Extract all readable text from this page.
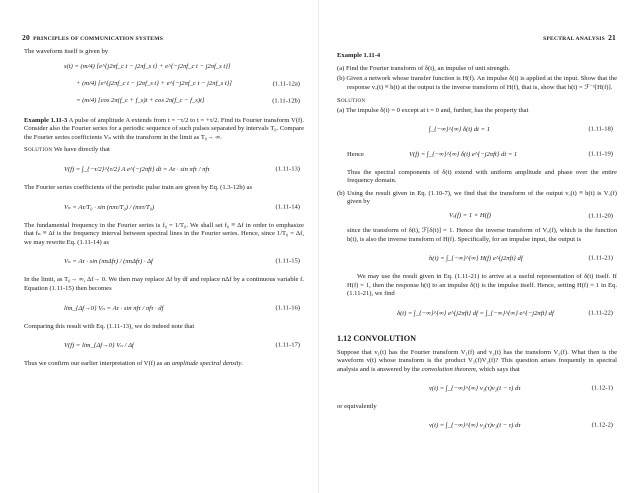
20 PRINCIPLES OF COMMUNICATION SYSTEMS

The waveform itself is given by

s(t) = (m/4) [e^{j2πf_c t − j2πf_s t} + e^{−j2πf_c t − j2πf_s t}]
+ (m/4) [e^{j2πf_c t − j2πf_s t} + e^{−j2πf_c t − j2πf_s t}]	(1.11-12a)
= (m/4) [cos 2π(f_c + f_s)t + cos 2π(f_c − f_s)t]	(1.11-12b)

Example 1.11-3 A pulse of amplitude A extends from t = −τ/2 to t = +τ/2. Find its Fourier transform V(f). Consider also the Fourier series for a periodic sequence of such pulses separated by intervals T₀. Compare the Fourier series coefficients Vₙ with the transform in the limit as T₀→ ∞.

Solution We have directly that

V(f) = ∫_{−τ/2}^{τ/2} A e^{−j2πft} dt = Aτ · sin πfτ / πfτ	(1.11-13)

The Fourier series coefficients of the periodic pulse train are given by Eq. (1.3-12b) as

Vₙ = Aτ/T₀ · sin (nπτ/T₀) / (nπτ/T₀)	(1.11-14)

The fundamental frequency in the Fourier series is f₀ = 1/T₀. We shall set f₀ ≡ Δf in order to emphasize that fₙ ≡ Δf is the frequency interval between spectral lines in the Fourier series. Hence, since 1/T₀ = Δf, we may rewrite Eq. (1.11-14) as

Vₙ = Aτ · sin (πnΔfτ) / (πnΔfτ) · Δf	(1.11-15)

In the limit, as T₀→ ∞, Δf→ 0. We then may replace Δf by df and replace nΔf by a continuous variable f. Equation (1.11-15) then becomes

lim_{Δf→0} Vₙ = Aτ · sin πfτ / πfτ · df	(1.11-16)

Comparing this result with Eq. (1.11-13), we do indeed note that

V(f) = lim_{Δf→0} Vₙ / Δf	(1.11-17)

Thus we confirm our earlier interpretation of V(f) as an amplitude spectral density.

SPECTRAL ANALYSIS 21

Example 1.11-4

(a) Find the Fourier transform of δ(t), an impulse of unit strength.

(b) Given a network whose transfer function is H(f). An impulse δ(t) is applied at the input. Show that the response vₒ(t) ≡ h(t) at the output is the inverse transform of H(f), that is, show that h(t) = ℱ⁻¹[H(f)].

Solution

(a) The impulse δ(t) = 0 except at t = 0 and, further, has the property that

∫_{−∞}^{∞} δ(t) dt = 1	(1.11-18)
Hence	V(f) = ∫_{−∞}^{∞} δ(t) e^{−j2πft} dt = 1	(1.11-19)

Thus the spectral components of δ(t) extend with uniform amplitude and phase over the entire frequency domain.

(b) Using the result given in Eq. (1.10-7), we find that the transform of the output vₒ(t) ≡ h(t) is Vₒ(f) given by

Vₒ(f) = 1 × H(f)	(1.11-20)

since the transform of δ(t), ℱ[δ(t)] = 1. Hence the inverse transform of Vₒ(f), which is the function h(t), is also the inverse transform of H(f). Specifically, for an impulse input, the output is

h(t) = ∫_{−∞}^{∞} H(f) e^{j2πft} df	(1.11-21)

We may use the result given in Eq. (1.11-21) to arrive at a useful representation of δ(t) itself. If H(f) = 1, then the response h(t) to an impulse δ(t) is the impulse itself. Hence, setting H(f) = 1 in Eq. (1.11-21), we find

δ(t) = ∫_{−∞}^{∞} e^{j2πft} df = ∫_{−∞}^{∞} e^{−j2πft} df	(1.11-22)
1.12 CONVOLUTION

Suppose that v₁(t) has the Fourier transform V₁(f) and v₂(t) has the transform V₂(f). What then is the waveform v(t) whose transform is the product V₁(f)V₂(f)? This question arises frequently in spectral analysis and is answered by the convolution theorem, which says that

v(t) = ∫_{−∞}^{∞} v₁(τ)v₂(t − τ) dτ	(1.12-1)

or equivalently

v(t) = ∫_{−∞}^{∞} v₂(τ)v₁(t − τ) dτ	(1.12-2)
